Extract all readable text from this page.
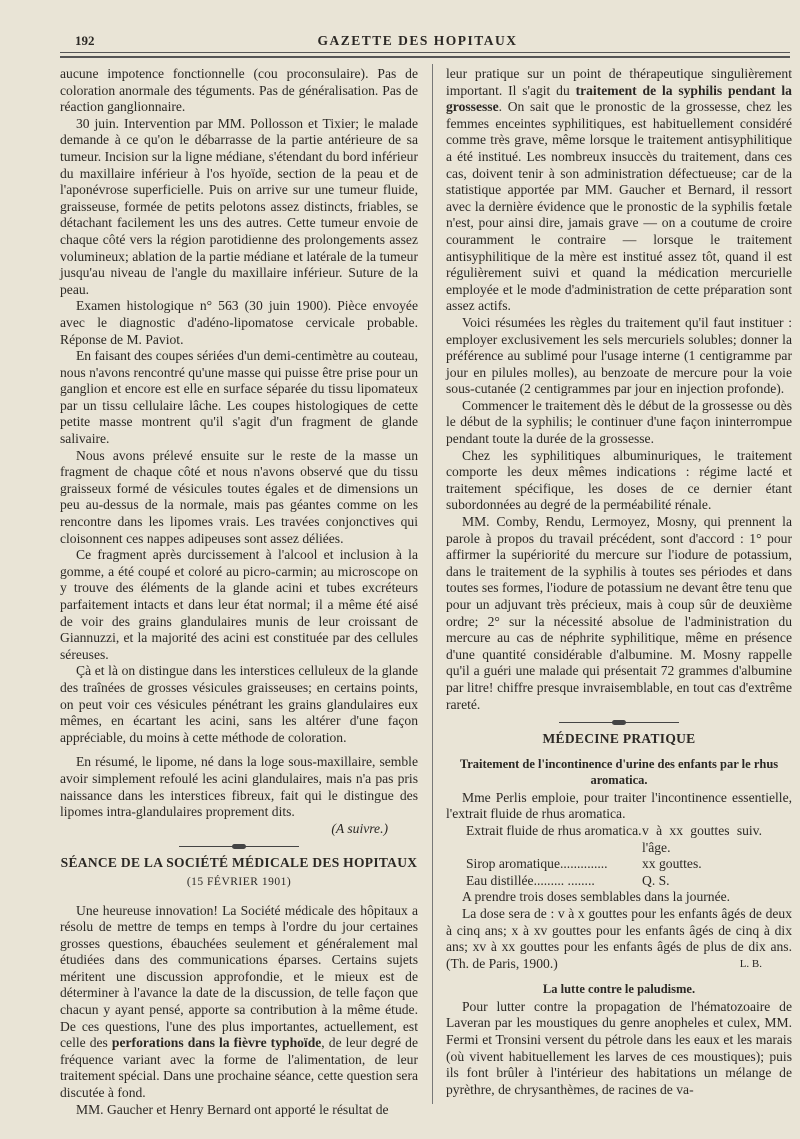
192	GAZETTE DES HOPITAUX

aucune impotence fonctionnelle (cou proconsulaire). Pas de coloration anormale des téguments. Pas de généralisation. Pas de réaction ganglionnaire.

30 juin. Intervention par MM. Pollosson et Tixier; le malade demande à ce qu'on le débarrasse de la partie antérieure de sa tumeur. Incision sur la ligne médiane, s'étendant du bord inférieur du maxillaire inférieur à l'os hyoïde, section de la peau et de l'aponévrose superficielle. Puis on arrive sur une tumeur fluide, graisseuse, formée de petits pelotons assez distincts, friables, se détachant facilement les uns des autres. Cette tumeur envoie de chaque côté vers la région parotidienne des prolongements assez volumineux; ablation de la partie médiane et latérale de la tumeur jusqu'au niveau de l'angle du maxillaire inférieur. Suture de la peau.

Examen histologique n° 563 (30 juin 1900). Pièce envoyée avec le diagnostic d'adéno-lipomatose cervicale probable. Réponse de M. Paviot.

En faisant des coupes sériées d'un demi-centimètre au couteau, nous n'avons rencontré qu'une masse qui puisse être prise pour un ganglion et encore est elle en surface séparée du tissu lipomateux par un tissu cellulaire lâche. Les coupes histologiques de cette petite masse montrent qu'il s'agit d'un fragment de glande salivaire.

Nous avons prélevé ensuite sur le reste de la masse un fragment de chaque côté et nous n'avons observé que du tissu graisseux formé de vésicules toutes égales et de dimensions un peu au-dessus de la normale, mais pas géantes comme on les rencontre dans les lipomes vrais. Les travées conjonctives qui cloisonnent ces nappes adipeuses sont assez déliées.

Ce fragment après durcissement à l'alcool et inclusion à la gomme, a été coupé et coloré au picro-carmin; au microscope on y trouve des éléments de la glande acini et tubes excréteurs parfaitement intacts et dans leur état normal; il a même été aisé de voir des grains glandulaires munis de leur croissant de Giannuzzi, et la majorité des acini est constituée par des cellules séreuses.

Çà et là on distingue dans les interstices celluleux de la glande des traînées de grosses vésicules graisseuses; en certains points, on peut voir ces vésicules pénétrant les grains glandulaires eux mêmes, en écartant les acini, sans les altérer d'une façon appréciable, du moins à cette méthode de coloration.

En résumé, le lipome, né dans la loge sous-maxillaire, semble avoir simplement refoulé les acini glandulaires, mais n'a pas pris naissance dans les interstices fibreux, fait qui le distingue des lipomes intra-glandulaires proprement dits.

(A suivre.)
SÉANCE DE LA SOCIÉTÉ MÉDICALE DES HOPITAUX
(15 FÉVRIER 1901)

Une heureuse innovation! La Société médicale des hôpitaux a résolu de mettre de temps en temps à l'ordre du jour certaines grosses questions, ébauchées seulement et généralement mal étudiées dans des communications éparses. Certains sujets méritent une discussion approfondie, et le mieux est de déterminer à l'avance la date de la discussion, de telle façon que chacun y ayant pensé, apporte sa contribution à la même étude. De ces questions, l'une des plus importantes, actuellement, est celle des perforations dans la fièvre typhoïde, de leur degré de fréquence variant avec la forme de l'alimentation, de leur traitement spécial. Dans une prochaine séance, cette question sera discutée à fond.

MM. Gaucher et Henry Bernard ont apporté le résultat de

leur pratique sur un point de thérapeutique singulièrement important. Il s'agit du traitement de la syphilis pendant la grossesse. On sait que le pronostic de la grossesse, chez les femmes enceintes syphilitiques, est habituellement considéré comme très grave, même lorsque le traitement antisyphilitique a été institué. Les nombreux insuccès du traitement, dans ces cas, doivent tenir à son administration défectueuse; car de la statistique apportée par MM. Gaucher et Bernard, il ressort avec la dernière évidence que le pronostic de la syphilis fœtale n'est, pour ainsi dire, jamais grave — on a coutume de croire couramment le contraire — lorsque le traitement antisyphilitique de la mère est institué assez tôt, quand il est régulièrement suivi et quand la médication mercurielle employée et le mode d'administration de cette préparation sont assez actifs.

Voici résumées les règles du traitement qu'il faut instituer : employer exclusivement les sels mercuriels solubles; donner la préférence au sublimé pour l'usage interne (1 centigramme par jour en pilules molles), au benzoate de mercure pour la voie sous-cutanée (2 centigrammes par jour en injection profonde).

Commencer le traitement dès le début de la grossesse ou dès le début de la syphilis; le continuer d'une façon ininterrompue pendant toute la durée de la grossesse.

Chez les syphilitiques albuminuriques, le traitement comporte les deux mêmes indications : régime lacté et traitement spécifique, les doses de ce dernier étant subordonnées au degré de la perméabilité rénale.

MM. Comby, Rendu, Lermoyez, Mosny, qui prennent la parole à propos du travail précédent, sont d'accord : 1° pour affirmer la supériorité du mercure sur l'iodure de potassium, dans le traitement de la syphilis à toutes ses périodes et dans toutes ses formes, l'iodure de potassium ne devant être tenu que pour un adjuvant très précieux, mais à coup sûr de deuxième ordre; 2° sur la nécessité absolue de l'administration du mercure au cas de néphrite syphilitique, même en présence d'une quantité considérable d'albumine. M. Mosny rappelle qu'il a guéri une malade qui présentait 72 grammes d'albumine par litre! chiffre presque invraisemblable, en tout cas d'extrême rareté.

MÉDECINE PRATIQUE
Traitement de l'incontinence d'urine des enfants par le rhus aromatica.

Mme Perlis emploie, pour traiter l'incontinence essentielle, l'extrait fluide de rhus aromatica.

Extrait fluide de rhus aromatica. v à xx gouttes suiv. l'âge.
Sirop aromatique..............	xx gouttes.
Eau distillée......... ........	Q. S.

A prendre trois doses semblables dans la journée.

La dose sera de : v à x gouttes pour les enfants âgés de deux à cinq ans; x à xv gouttes pour les enfants âgés de cinq à dix ans; xv à xx gouttes pour les enfants âgés de plus de dix ans. (Th. de Paris, 1900.)	L. B.
La lutte contre le paludisme.

Pour lutter contre la propagation de l'hématozoaire de Laveran par les moustiques du genre anopheles et culex, MM. Fermi et Tronsini versent du pétrole dans les eaux et les marais (où vivent habituellement les larves de ces moustiques); puis ils font brûler à l'intérieur des habitations un mélange de pyrèthre, de chrysanthèmes, de racines de va-
